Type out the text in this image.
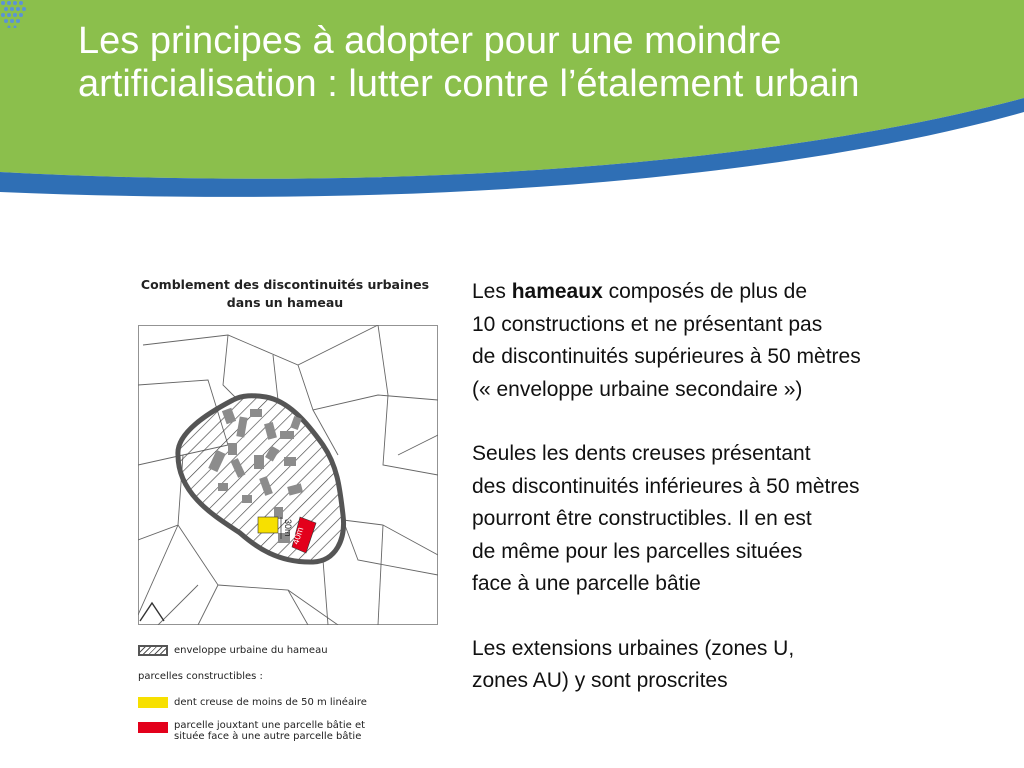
Les principes à adopter pour une moindre artificialisation : lutter contre l’étalement urbain
Comblement des discontinuités urbaines
dans un hameau
30m
40m
enveloppe urbaine du hameau
parcelles constructibles :
dent creuse de moins de 50 m linéaire
parcelle jouxtant une parcelle bâtie et
située face à une autre parcelle bâtie
Les hameaux composés de plus de
10 constructions et ne présentant pas
de discontinuités supérieures à 50 mètres
(« enveloppe urbaine secondaire »)
Seules les dents creuses présentant
des discontinuités inférieures à 50 mètres
pourront être constructibles. Il en est
de même pour les parcelles situées
face à une parcelle bâtie
Les extensions urbaines (zones U,
zones AU) y sont proscrites
